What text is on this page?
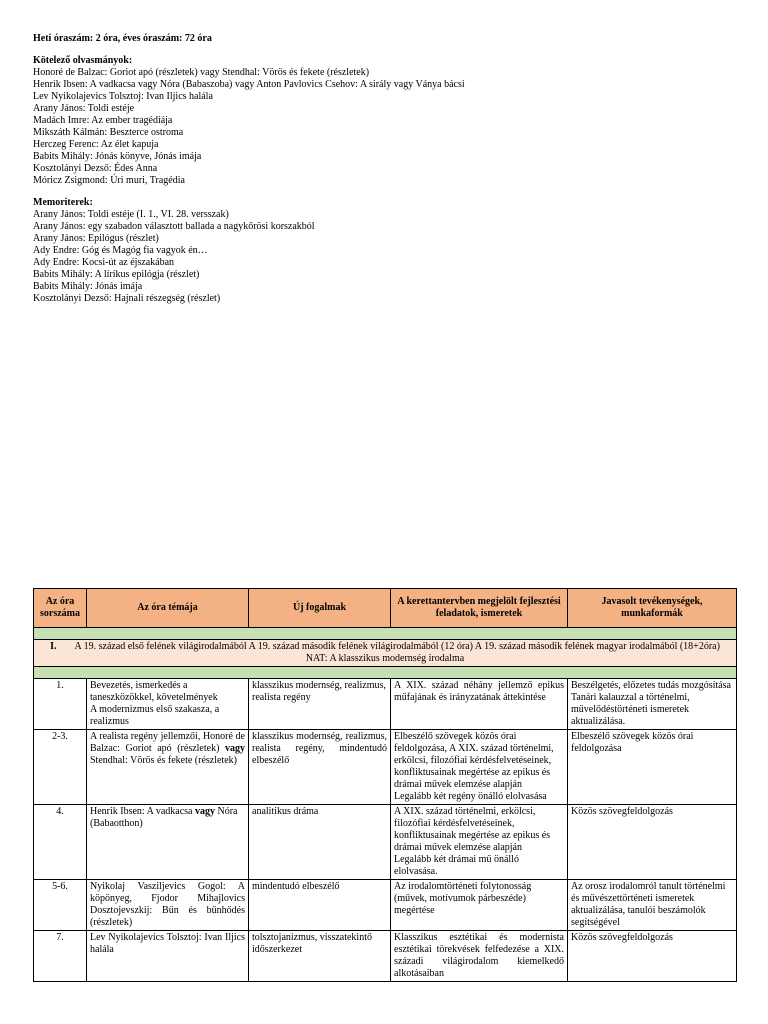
Heti óraszám: 2 óra, éves óraszám: 72 óra

Kötelező olvasmányok:

Honoré de Balzac: Goriot apó (részletek) vagy Stendhal: Vörös és fekete (részletek)

Henrik Ibsen: A vadkacsa vagy Nóra (Babaszoba) vagy Anton Pavlovics Csehov: A sirály vagy Ványa bácsi

Lev Nyikolajevics Tolsztoj: Ivan Iljics halála

Arany János: Toldi estéje

Madách Imre: Az ember tragédiája

Mikszáth Kálmán: Beszterce ostroma

Herczeg Ferenc: Az élet kapuja

Babits Mihály: Jónás könyve, Jónás imája

Kosztolányi Dezső: Édes Anna

Móricz Zsigmond: Úri muri, Tragédia

Memoriterek:

Arany János: Toldi estéje (I. 1., VI. 28. versszak)

Arany János: egy szabadon választott ballada a nagykőrösi korszakból

Arany János: Epilógus (részlet)

Ady Endre: Góg és Magóg fia vagyok én…

Ady Endre: Kocsi-út az éjszakában

Babits Mihály: A lírikus epilógja (részlet)

Babits Mihály: Jónás imája

Kosztolányi Dezső: Hajnali részegség (részlet)

Az óra sorszáma	Az óra témája	Új fogalmak	A kerettantervben megjelölt fejlesztési feladatok, ismeretek	Javasolt tevékenységek, munkaformák

I. A 19. század első felének világirodalmából A 19. század második felének világirodalmából (12 óra) A 19. század második felének magyar irodalmából (18+2óra)
NAT: A klasszikus modernség irodalma				

1.	Bevezetés, ismerkedés a taneszközökkel, követelmények
A modernizmus első szakasza, a realizmus	klasszikus modernség, realizmus, realista regény	A XIX. század néhány jellemző epikus műfajának és irányzatának áttekintése	Beszélgetés, előzetes tudás mozgósítása
Tanári kalauzzal a történelmi, művelődéstörténeti ismeretek aktualizálása.

2-3.	A realista regény jellemzői, Honoré de Balzac: Goriot apó (részletek) vagy Stendhal: Vörös és fekete (részletek)	klasszikus modernség, realizmus, realista regény, mindentudó elbeszélő	Elbeszélő szövegek közös órai feldolgozása, A XIX. század történelmi, erkölcsi, filozófiai kérdésfelvetéseinek, konfliktusainak megértése az epikus és drámai művek elemzése alapján
Legalább két regény önálló elolvasása	Elbeszélő szövegek közös órai feldolgozása
4.	Henrik Ibsen: A vadkacsa vagy Nóra (Babaotthon)	analitikus dráma	A XIX. század történelmi, erkölcsi, filozófiai kérdésfelvetéseinek, konfliktusainak megértése az epikus és drámai művek elemzése alapján
Legalább két drámai mű önálló elolvasása.	Közös szövegfeldolgozás
5-6.	Nyikolaj Vasziljevics Gogol: A köpönyeg, Fjodor Mihajlovics Dosztojevszkij: Bűn és bűnhődés (részletek)	mindentudó elbeszélő	Az irodalomtörténeti folytonosság (művek, motívumok párbeszéde) megértése	Az orosz irodalomról tanult történelmi és művészettörténeti ismeretek aktualizálása, tanulói beszámolók segítségével
7.	Lev Nyikolajevics Tolsztoj: Ivan Iljics halála	tolsztojanizmus, visszatekintő időszerkezet	Klasszikus esztétikai és modernista esztétikai törekvések felfedezése a XIX. századi világirodalom kiemelkedő alkotásaiban	Közös szövegfeldolgozás
